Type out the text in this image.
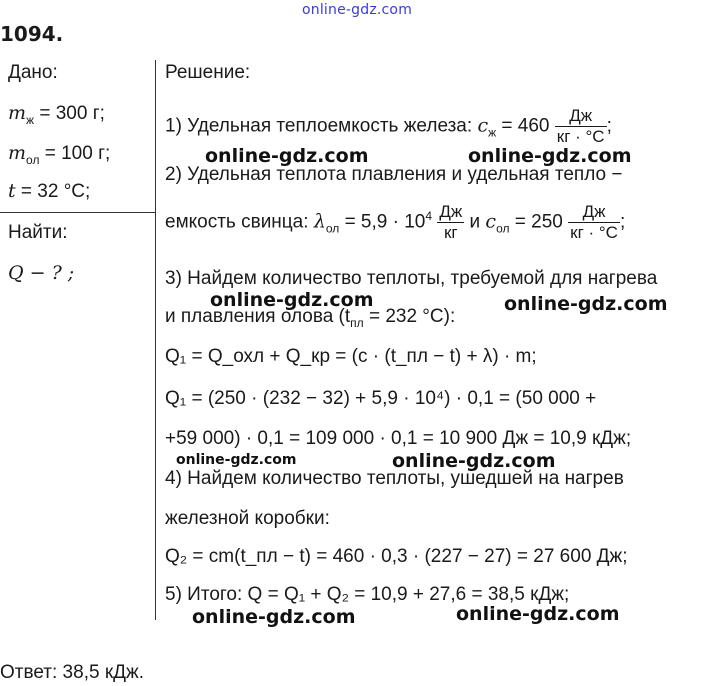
online-gdz.com
1094.
Дано:
$m_ж = 300$ г;
$m_{ол} = 100$ г;
t = 32 °C;
Найти:
Q − ? ;
Решение:
1) Удельная теплоемкость железа: $c_ж = 460 \frac{Дж}{кг \cdot ^\circ C}$ ;
2) Удельная теплота плавления и удельная тепло −
емкость свинца: $\lambda_{ол} = 5,9 \cdot 10^4 \frac{Дж}{кг}$ и $c_{ол} = 250 \frac{Дж}{кг \cdot ^\circ C}$ ;
3) Найдем количество теплоты, требуемой для нагрева
и плавления олова ($t_{пл} = 232$ °C):
Q₁ = Q_охл + Q_кр = (c · (t_пл − t) + λ) · m;
Q₁ = (250 · (232 − 32) + 5,9 · 10⁴) · 0,1 = (50 000 +
+59 000) · 0,1 = 109 000 · 0,1 = 10 900 Дж = 10,9 кДж;
4) Найдем количество теплоты, ушедшей на нагрев
железной коробки:
Q₂ = cm(t_пл − t) = 460 · 0,3 · (227 − 27) = 27 600 Дж;
5) Итого: Q = Q₁ + Q₂ = 10,9 + 27,6 = 38,5 кДж;
Ответ: 38,5 кДж.
online-gdz.com	online-gdz.com
online-gdz.com	online-gdz.com
online-gdz.com	online-gdz.com
online-gdz.com	online-gdz.com
